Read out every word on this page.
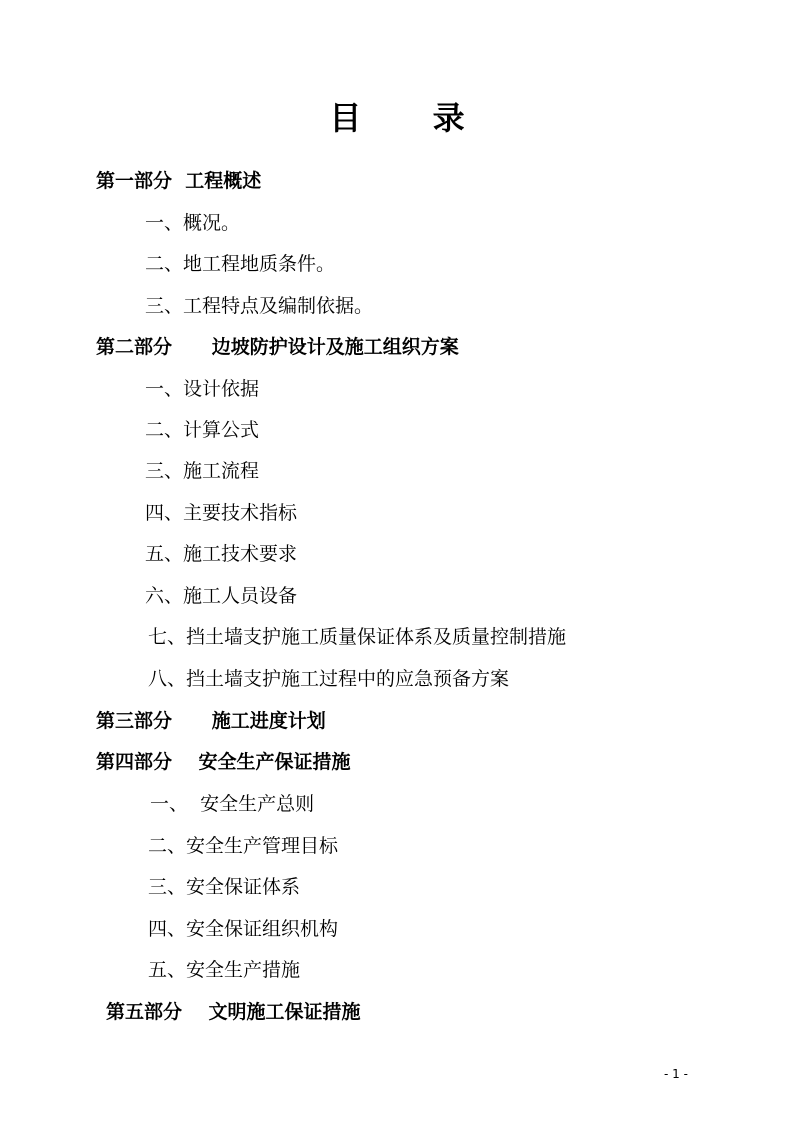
目 录
第一部分  工程概述
一、概况。
二、地工程地质条件。
三、工程特点及编制依据。
第二部分      边坡防护设计及施工组织方案
一、设计依据
二、计算公式
三、施工流程
四、主要技术指标
五、施工技术要求
六、施工人员设备
七、挡土墙支护施工质量保证体系及质量控制措施
八、挡土墙支护施工过程中的应急预备方案
第三部分      施工进度计划
第四部分    安全生产保证措施
一、  安全生产总则
二、安全生产管理目标
三、安全保证体系
四、安全保证组织机构
五、安全生产措施
第五部分    文明施工保证措施
- 1 -
